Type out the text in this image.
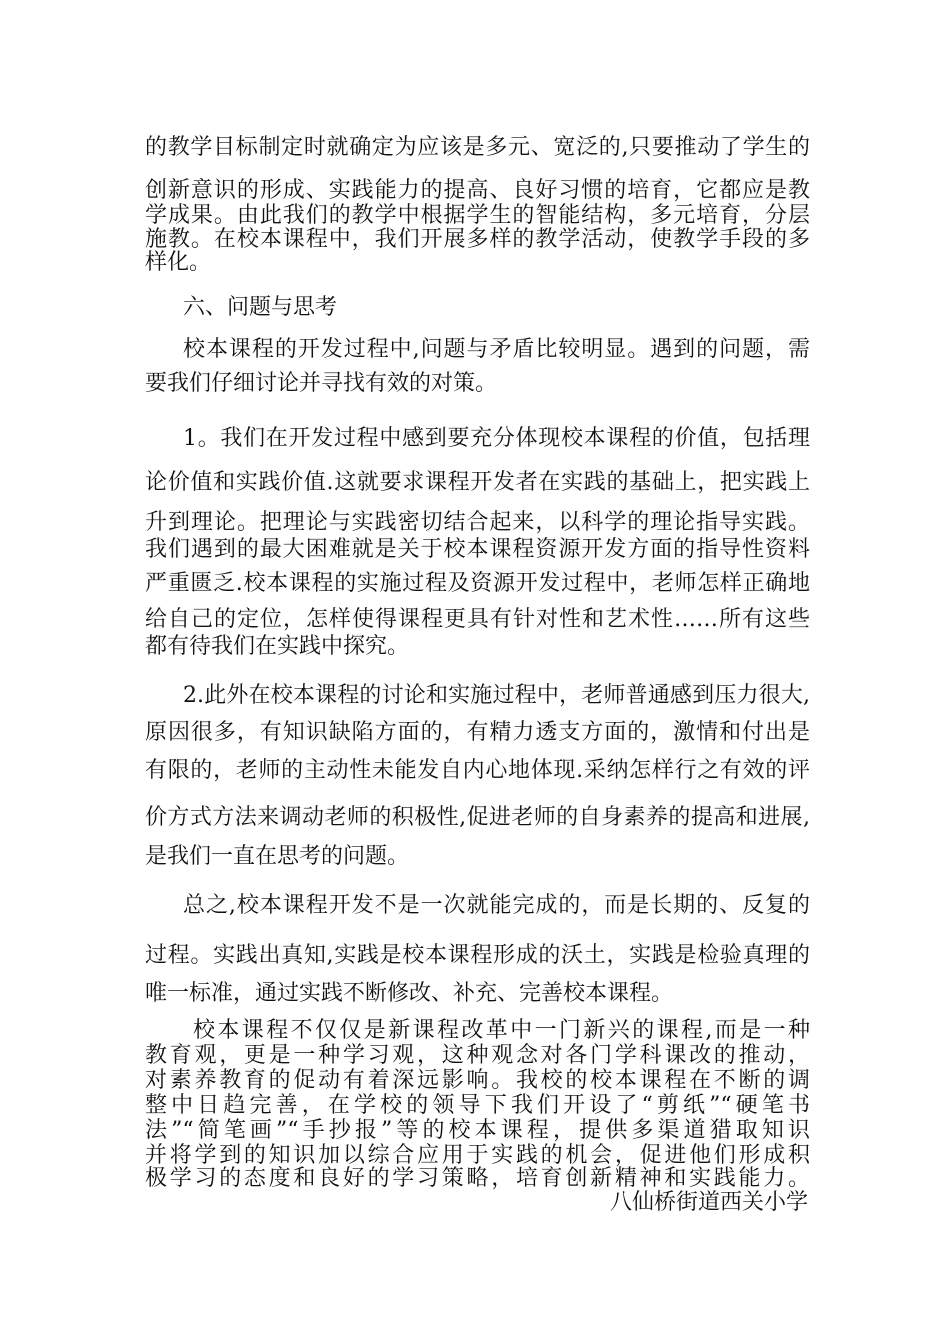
的教学目标制定时就确定为应该是多元、宽泛的,只要推动了学生的
创新意识的形成、实践能力的提高、良好习惯的培育，它都应是教
学成果。由此我们的教学中根据学生的智能结构，多元培育，分层
施教。在校本课程中，我们开展多样的教学活动，使教学手段的多
样化。
六、问题与思考
校本课程的开发过程中,问题与矛盾比较明显。遇到的问题，需
要我们仔细讨论并寻找有效的对策。
1。我们在开发过程中感到要充分体现校本课程的价值，包括理
论价值和实践价值.这就要求课程开发者在实践的基础上，把实践上
升到理论。把理论与实践密切结合起来，以科学的理论指导实践。
我们遇到的最大困难就是关于校本课程资源开发方面的指导性资料
严重匮乏.校本课程的实施过程及资源开发过程中，老师怎样正确地
给自己的定位，怎样使得课程更具有针对性和艺术性……所有这些
都有待我们在实践中探究。
2.此外在校本课程的讨论和实施过程中，老师普通感到压力很大,
原因很多，有知识缺陷方面的，有精力透支方面的，激情和付出是
有限的，老师的主动性未能发自内心地体现.采纳怎样行之有效的评
价方式方法来调动老师的积极性,促进老师的自身素养的提高和进展,
是我们一直在思考的问题。
总之,校本课程开发不是一次就能完成的，而是长期的、反复的
过程。实践出真知,实践是校本课程形成的沃土，实践是检验真理的
唯一标准，通过实践不断修改、补充、完善校本课程。
校本课程不仅仅是新课程改革中一门新兴的课程,而是一种
教育观，更是一种学习观，这种观念对各门学科课改的推动，
对素养教育的促动有着深远影响。我校的校本课程在不断的调
整中日趋完善，在学校的领导下我们开设了“剪纸”“硬笔书
法”“简笔画”“手抄报”等的校本课程，提供多渠道猎取知识
并将学到的知识加以综合应用于实践的机会，促进他们形成积
极学习的态度和良好的学习策略，培育创新精神和实践能力。
八仙桥街道西关小学
